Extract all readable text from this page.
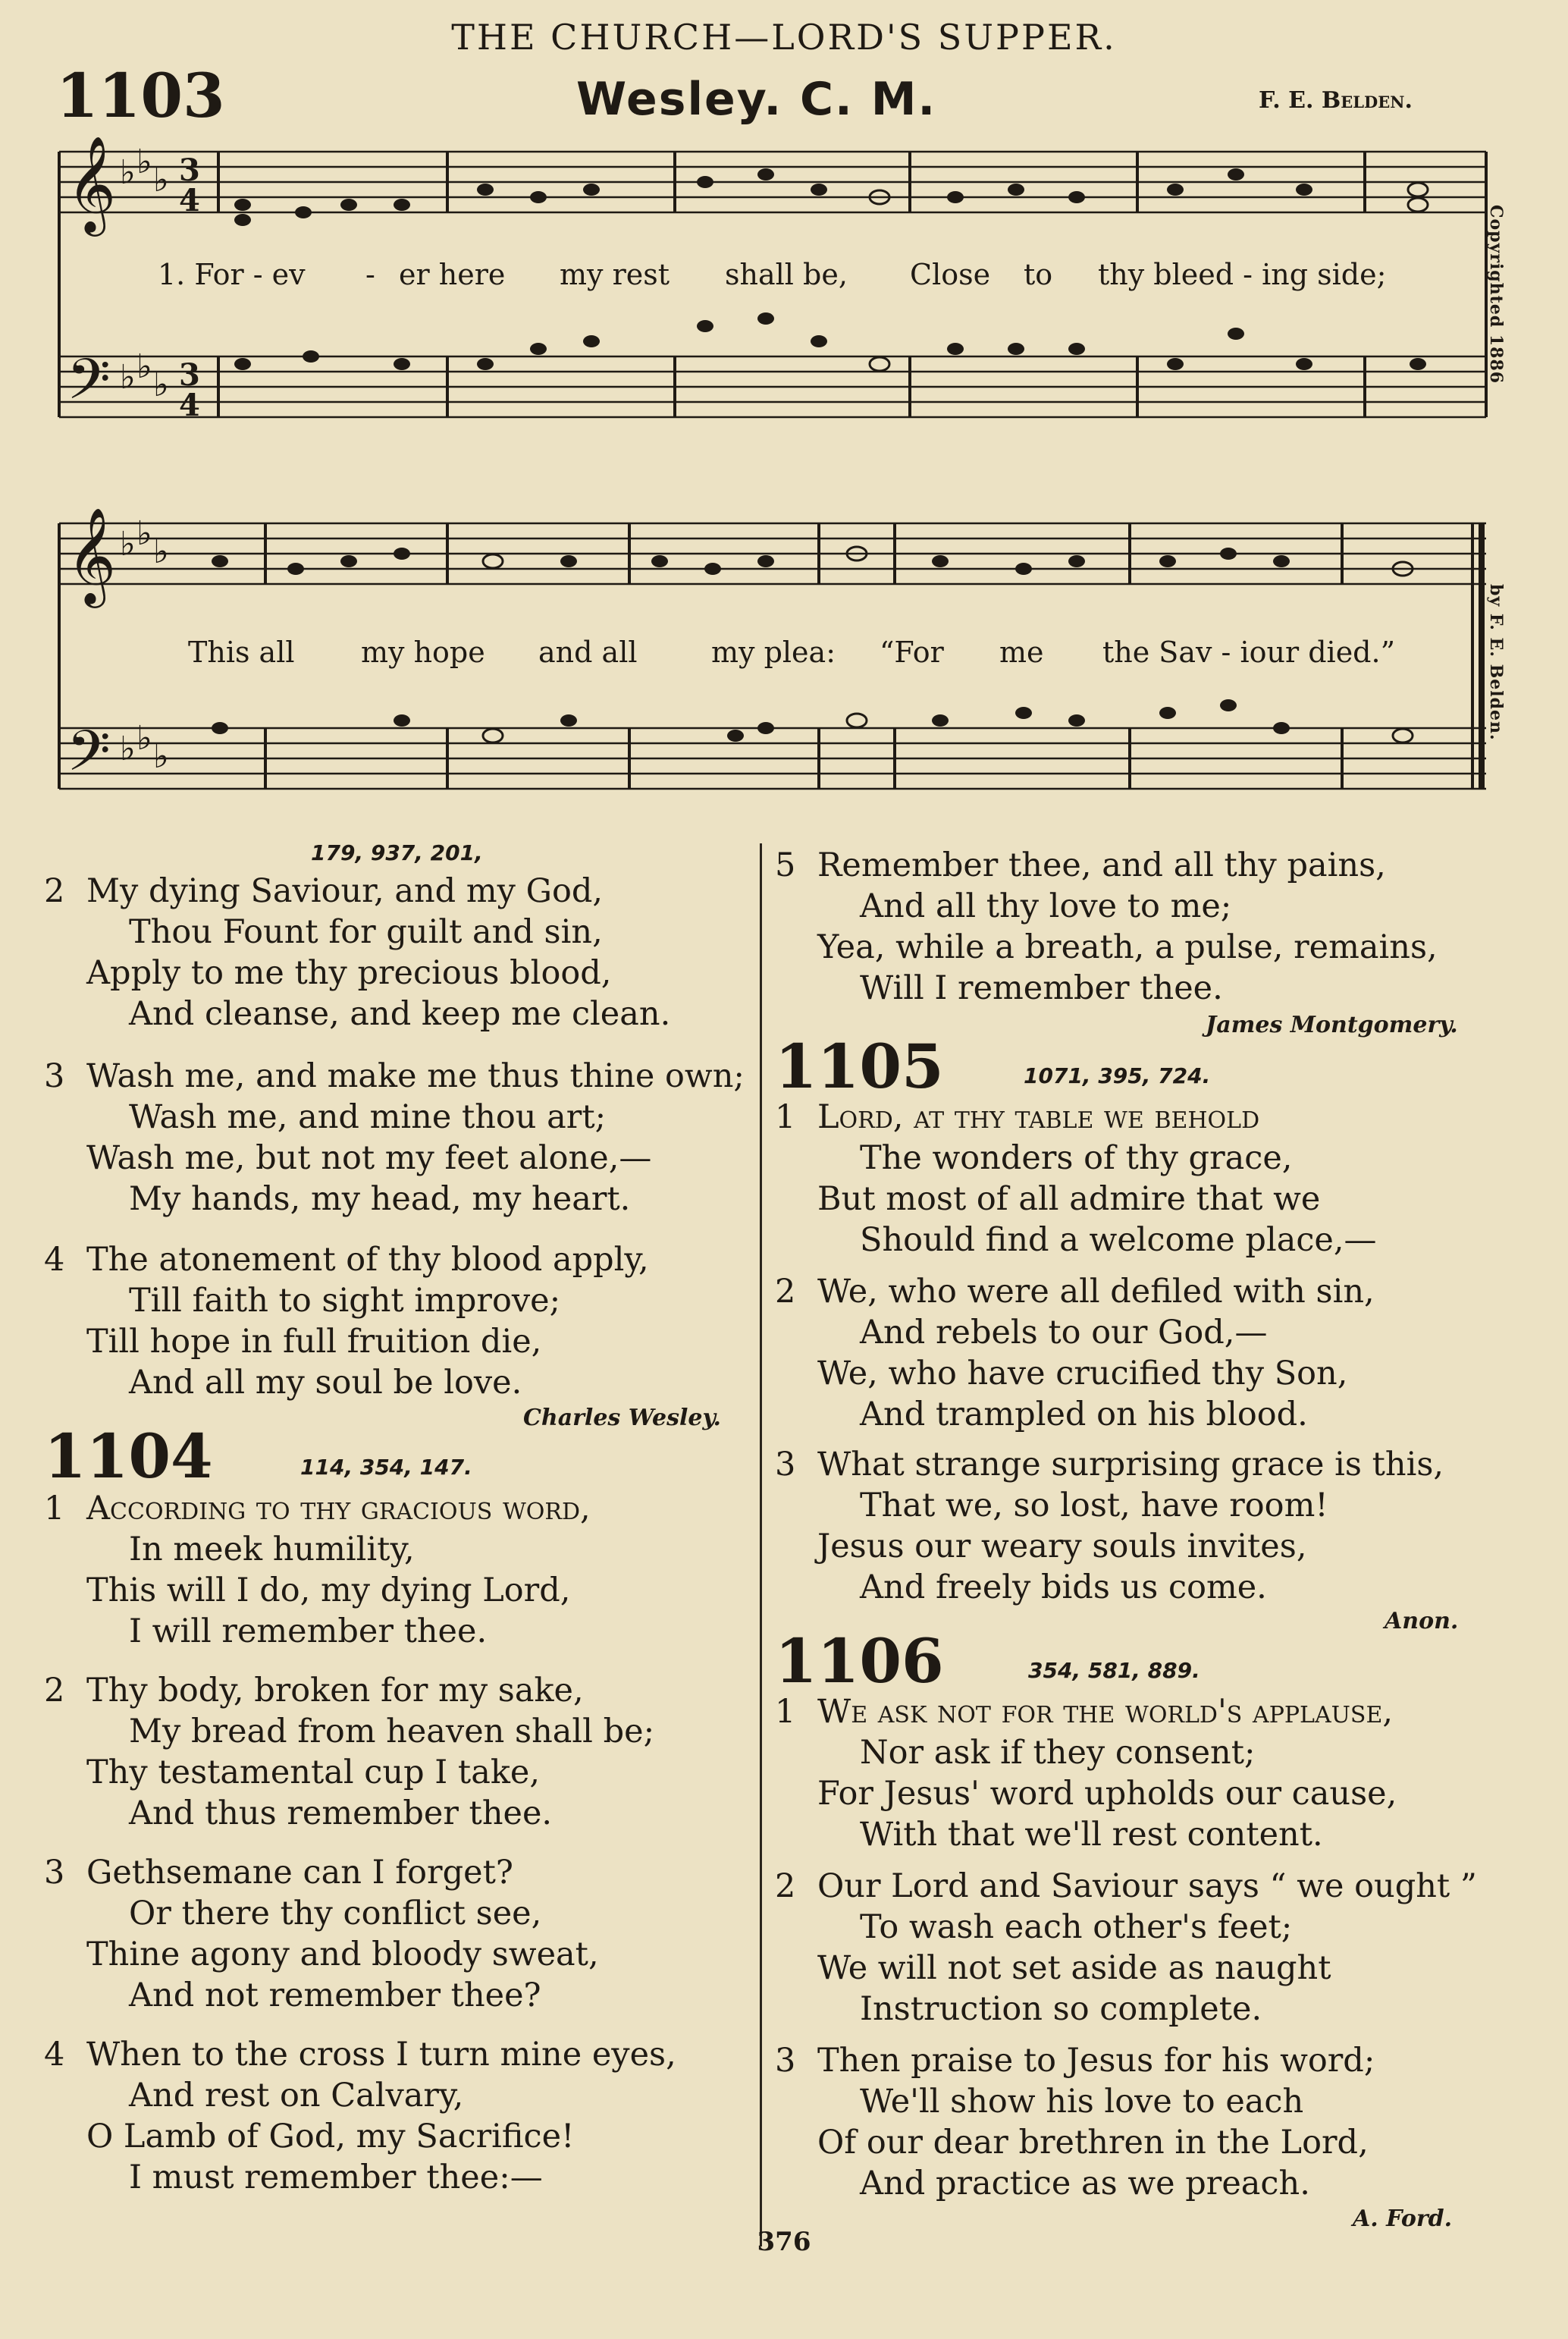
THE CHURCH—LORD'S SUPPER.
1103	Wesley. C. M.	F. E. Belden.
Copyrighted 1886
by F. E. Belden.
𝄞
𝄢
♭ ♭ ♭
♭ ♭ ♭
3
4
3
4
1. For - ev - er here my rest shall be, Close to thy bleed - ing side;
𝄞
𝄢
♭ ♭ ♭
♭ ♭ ♭
This all my hope and all	my plea: “For me the Sav - iour died.”
179, 937, 201,
2 My dying Saviour, and my God,
Thou Fount for guilt and sin,
Apply to me thy precious blood,
And cleanse, and keep me clean.
3 Wash me, and make me thus thine own;
Wash me, and mine thou art;
Wash me, but not my feet alone,—
My hands, my head, my heart.
4 The atonement of thy blood apply,
Till faith to sight improve;
Till hope in full fruition die,
And all my soul be love.
Charles Wesley.
1104	114, 354, 147.
1 According to thy gracious word,
In meek humility,
This will I do, my dying Lord,
I will remember thee.
2 Thy body, broken for my sake,
My bread from heaven shall be;
Thy testamental cup I take,
And thus remember thee.
3 Gethsemane can I forget?
Or there thy conflict see,
Thine agony and bloody sweat,
And not remember thee?
4 When to the cross I turn mine eyes,
And rest on Calvary,
O Lamb of God, my Sacrifice!
I must remember thee:—
5 Remember thee, and all thy pains,
And all thy love to me;
Yea, while a breath, a pulse, remains,
Will I remember thee.
James Montgomery.
1105	1071, 395, 724.
1 Lord, at thy table we behold
The wonders of thy grace,
But most of all admire that we
Should find a welcome place,—
2 We, who were all defiled with sin,
And rebels to our God,—
We, who have crucified thy Son,
And trampled on his blood.
3 What strange surprising grace is this,
That we, so lost, have room!
Jesus our weary souls invites,
And freely bids us come.
Anon.
1106	354, 581, 889.
1 We ask not for the world's applause,
Nor ask if they consent;
For Jesus' word upholds our cause,
With that we'll rest content.
2 Our Lord and Saviour says “ we ought ”
To wash each other's feet;
We will not set aside as naught
Instruction so complete.
3 Then praise to Jesus for his word;
We'll show his love to each
Of our dear brethren in the Lord,
And practice as we preach.
A. Ford.
376
